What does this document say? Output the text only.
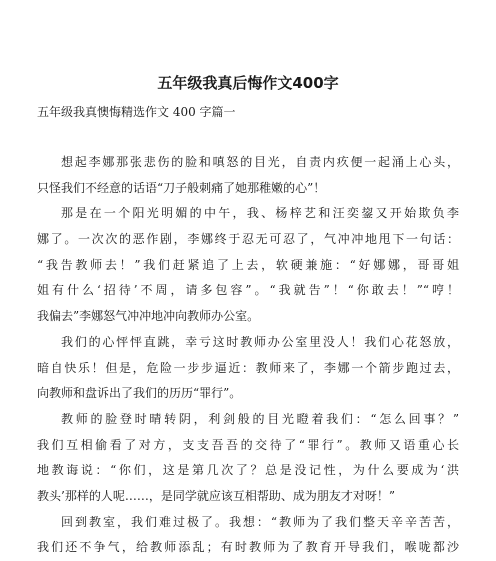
五年级我真后悔作文400字
五年级我真懊悔精选作文 400 字篇一
想起李娜那张悲伤的脸和嗔怒的目光，自责内疚便一起涌上心头，
只怪我们不经意的话语“刀子般刺痛了她那稚嫩的心”！
那是在一个阳光明媚的中午，我、杨梓艺和汪奕鋆又开始欺负李
娜了。一次次的恶作剧，李娜终于忍无可忍了，气冲冲地甩下一句话：
“我告教师去！”我们赶紧追了上去，软硬兼施：“好娜娜，哥哥姐
姐有什么‘招待’不周，请多包容”。“我就告”！“你敢去！”“哼！
我偏去”李娜怒气冲冲地冲向教师办公室。
我们的心怦怦直跳，幸亏这时教师办公室里没人！我们心花怒放，
暗自快乐！但是，危险一步步逼近：教师来了，李娜一个箭步跑过去，
向教师和盘诉出了我们的历历“罪行”。
教师的脸登时晴转阴，利剑般的目光瞪着我们：“怎么回事？”
我们互相偷看了对方，支支吾吾的交待了“罪行”。教师又语重心长
地教诲说：“你们，这是第几次了？总是没记性，为什么要成为‘洪
教头’那样的人呢……，是同学就应该互相帮助、成为朋友才对呀！”
回到教室，我们难过极了。我想：“教师为了我们整天辛辛苦苦，
我们还不争气，给教师添乱；有时教师为了教育开导我们，喉咙都沙
